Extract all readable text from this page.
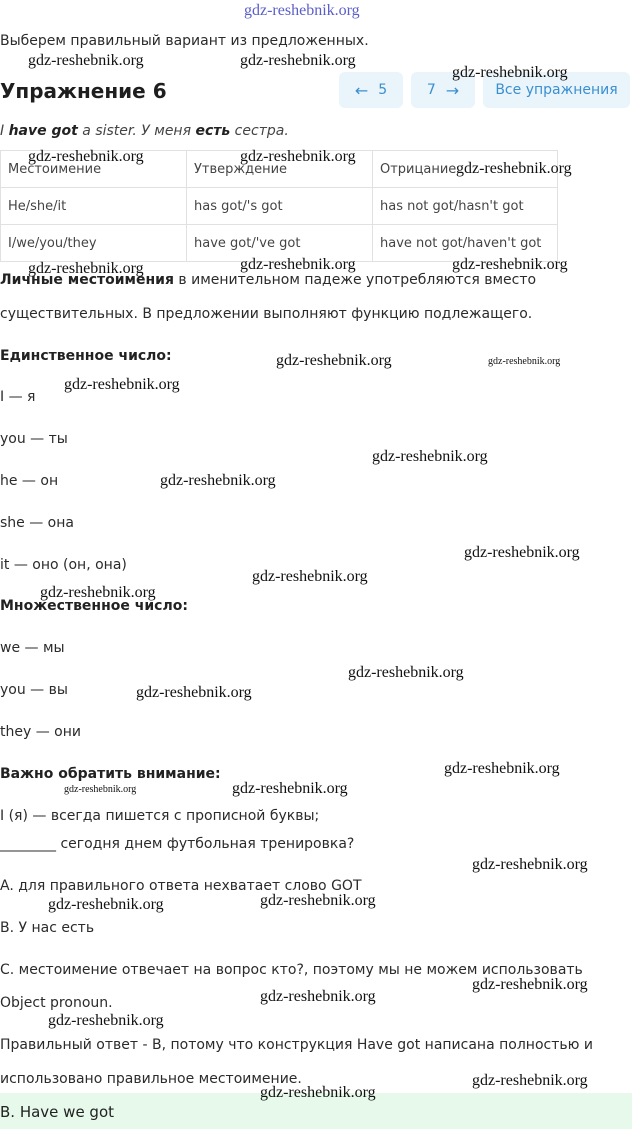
gdz-reshebnik.org
Выберем правильный вариант из предложенных.
Упражнение 6	← 5	7 →	Все упражнения
I have got a sister. У меня есть сестра.
Местоимение	Утверждение	Отрицание
He/she/it	has got/'s got	has not got/hasn't got
I/we/you/they	have got/'ve got	have not got/haven't got
Личные местоимения в именительном падеже употребляются вместо
существительных. В предложении выполняют функцию подлежащего.
Единственное число:
I — я
you — ты
he — он
she — она
it — оно (он, она)
Множественное число:
we — мы
you — вы
they — они
Важно обратить внимание:
I (я) — всегда пишется с прописной буквы;
________ сегодня днем футбольная тренировка?
A. для правильного ответа нехватает слово GOT
B. У нас есть
C. местоимение отвечает на вопрос кто?, поэтому мы не можем использовать
Object pronoun.
Правильный ответ - B, потому что конструкция Have got написана полностью и
использовано правильное местоимение.
B. Have we got
gdz-reshebnik.org	gdz-reshebnik.org
gdz-reshebnik.org
gdz-reshebnik.org	gdz-reshebnik.org
gdz-reshebnik.org
gdz-reshebnik.org	gdz-reshebnik.org	gdz-reshebnik.org
gdz-reshebnik.org	gdz-reshebnik.org
gdz-reshebnik.org
gdz-reshebnik.org
gdz-reshebnik.org
gdz-reshebnik.org
gdz-reshebnik.org
gdz-reshebnik.org
gdz-reshebnik.org
gdz-reshebnik.org
gdz-reshebnik.org
gdz-reshebnik.org
gdz-reshebnik.org
gdz-reshebnik.org
gdz-reshebnik.org
gdz-reshebnik.org
gdz-reshebnik.org
gdz-reshebnik.org
gdz-reshebnik.org
gdz-reshebnik.org
gdz-reshebnik.org
